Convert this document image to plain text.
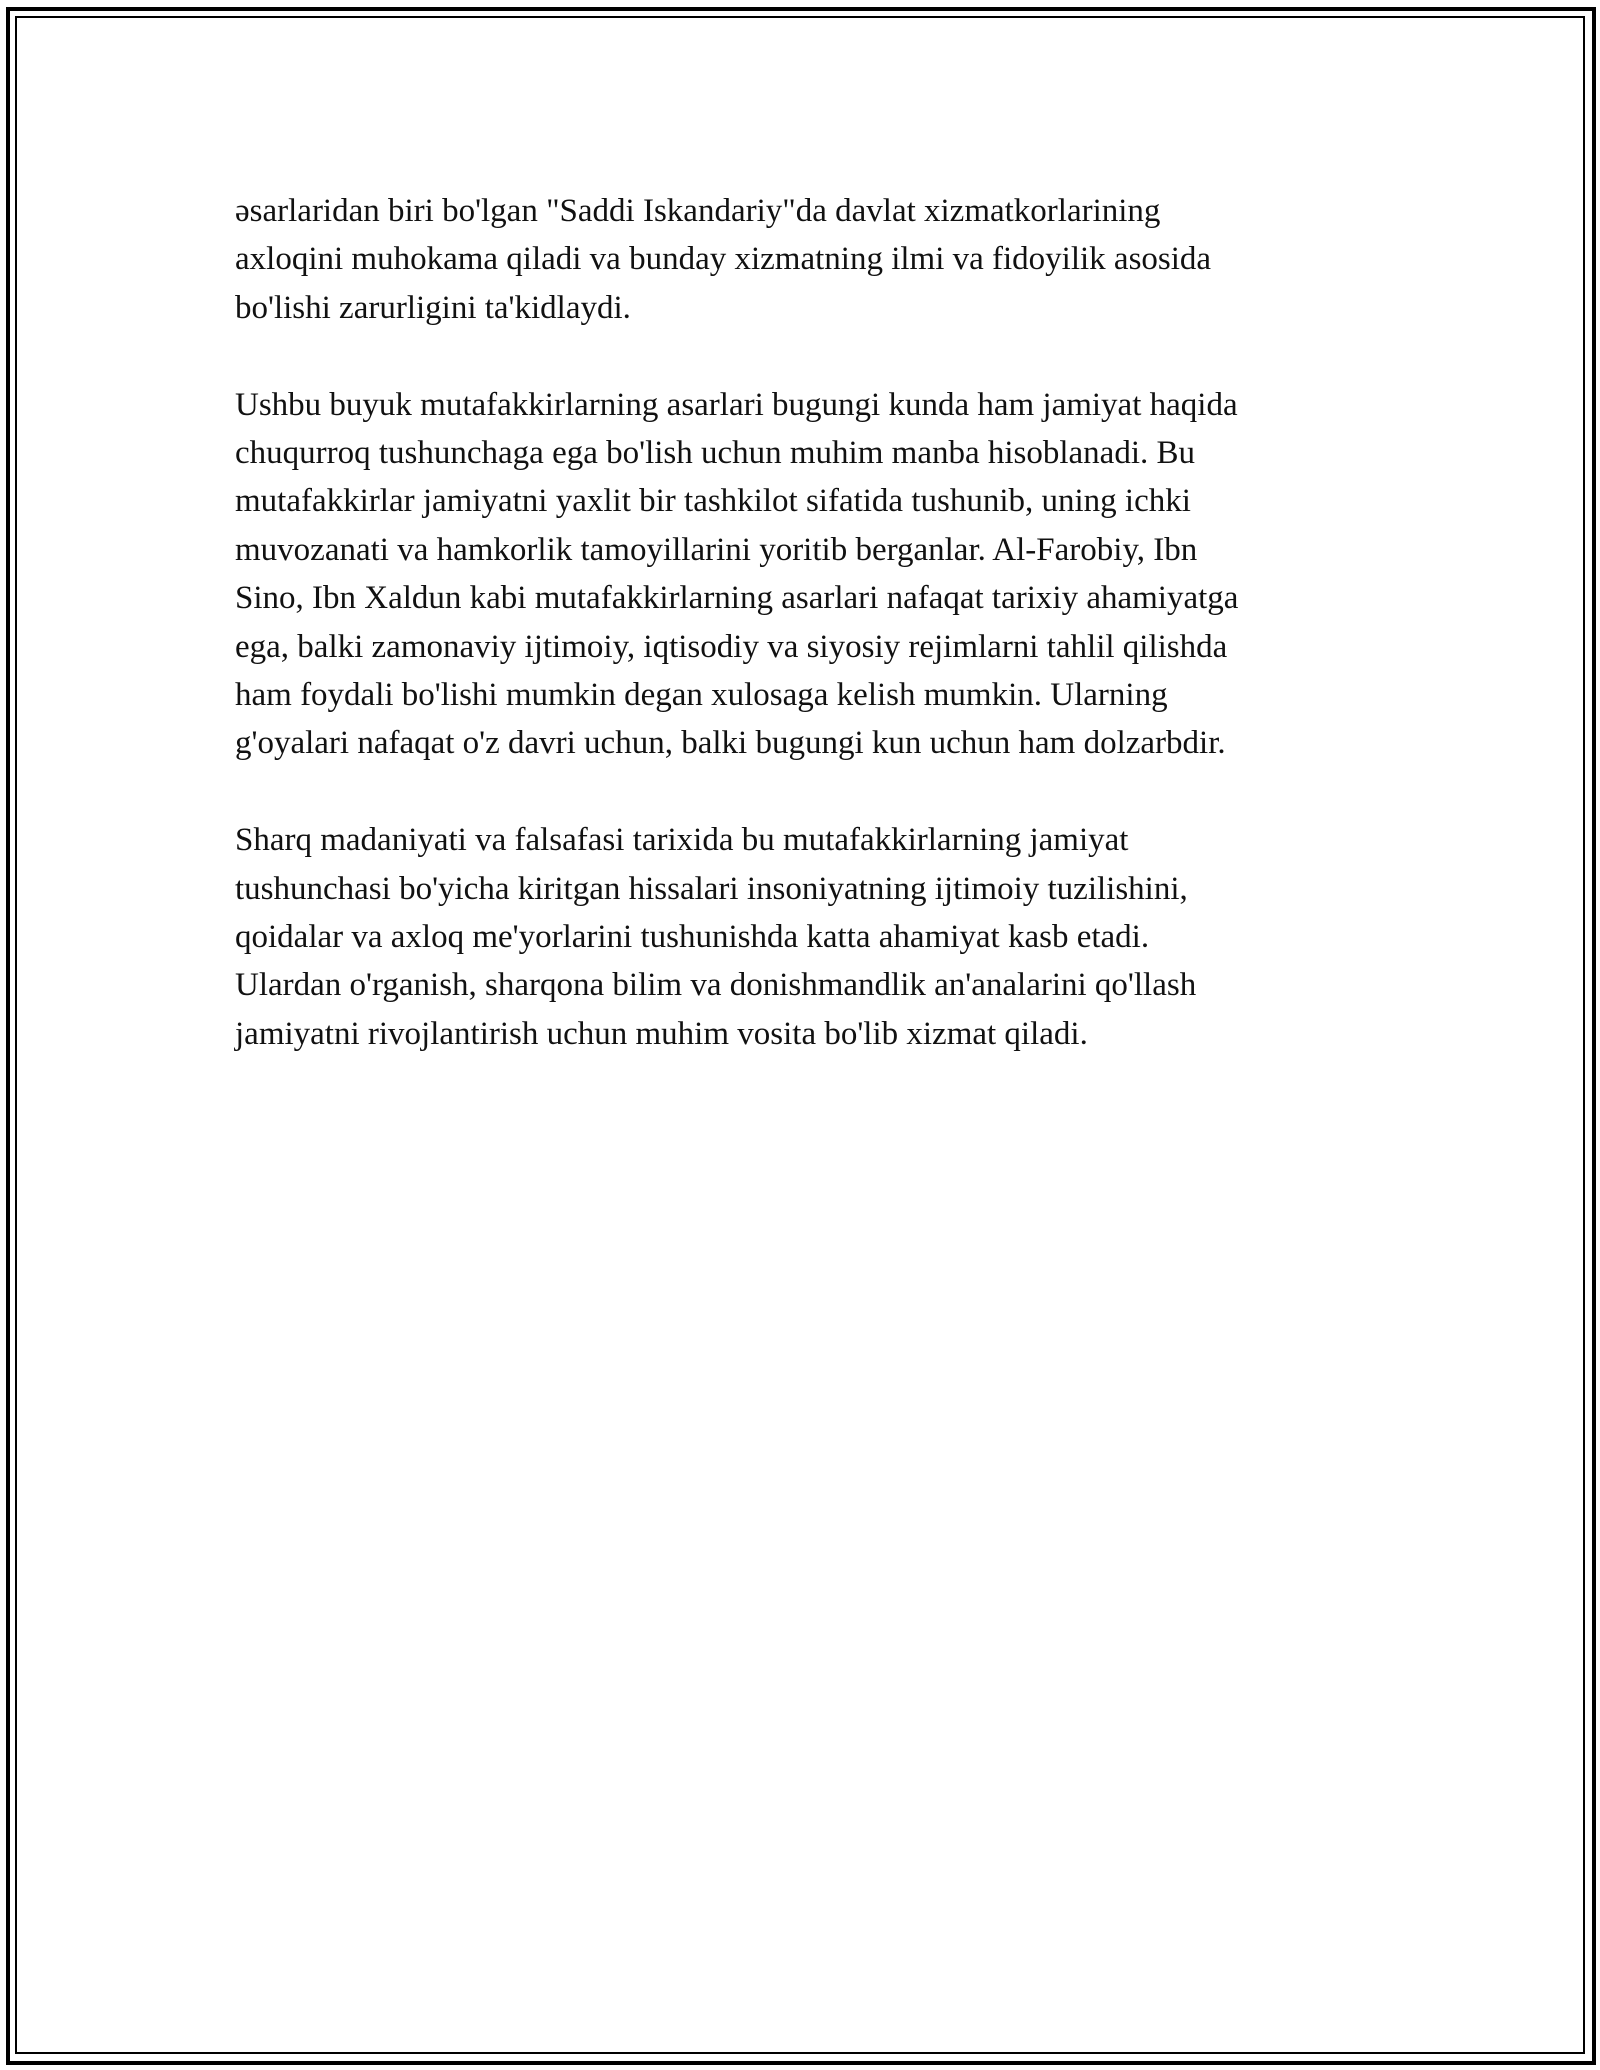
əsarlaridan biri bo'lgan "Saddi Iskandariy"da davlat xizmatkorlarining
axloqini muhokama qiladi va bunday xizmatning ilmi va fidoyilik asosida
bo'lishi zarurligini ta'kidlaydi.

Ushbu buyuk mutafakkirlarning asarlari bugungi kunda ham jamiyat haqida
chuqurroq tushunchaga ega bo'lish uchun muhim manba hisoblanadi. Bu
mutafakkirlar jamiyatni yaxlit bir tashkilot sifatida tushunib, uning ichki
muvozanati va hamkorlik tamoyillarini yoritib berganlar. Al-Farobiy, Ibn
Sino, Ibn Xaldun kabi mutafakkirlarning asarlari nafaqat tarixiy ahamiyatga
ega, balki zamonaviy ijtimoiy, iqtisodiy va siyosiy rejimlarni tahlil qilishda
ham foydali bo'lishi mumkin degan xulosaga kelish mumkin. Ularning
g'oyalari nafaqat o'z davri uchun, balki bugungi kun uchun ham dolzarbdir.

Sharq madaniyati va falsafasi tarixida bu mutafakkirlarning jamiyat
tushunchasi bo'yicha kiritgan hissalari insoniyatning ijtimoiy tuzilishini,
qoidalar va axloq me'yorlarini tushunishda katta ahamiyat kasb etadi.
Ulardan o'rganish, sharqona bilim va donishmandlik an'analarini qo'llash
jamiyatni rivojlantirish uchun muhim vosita bo'lib xizmat qiladi.
